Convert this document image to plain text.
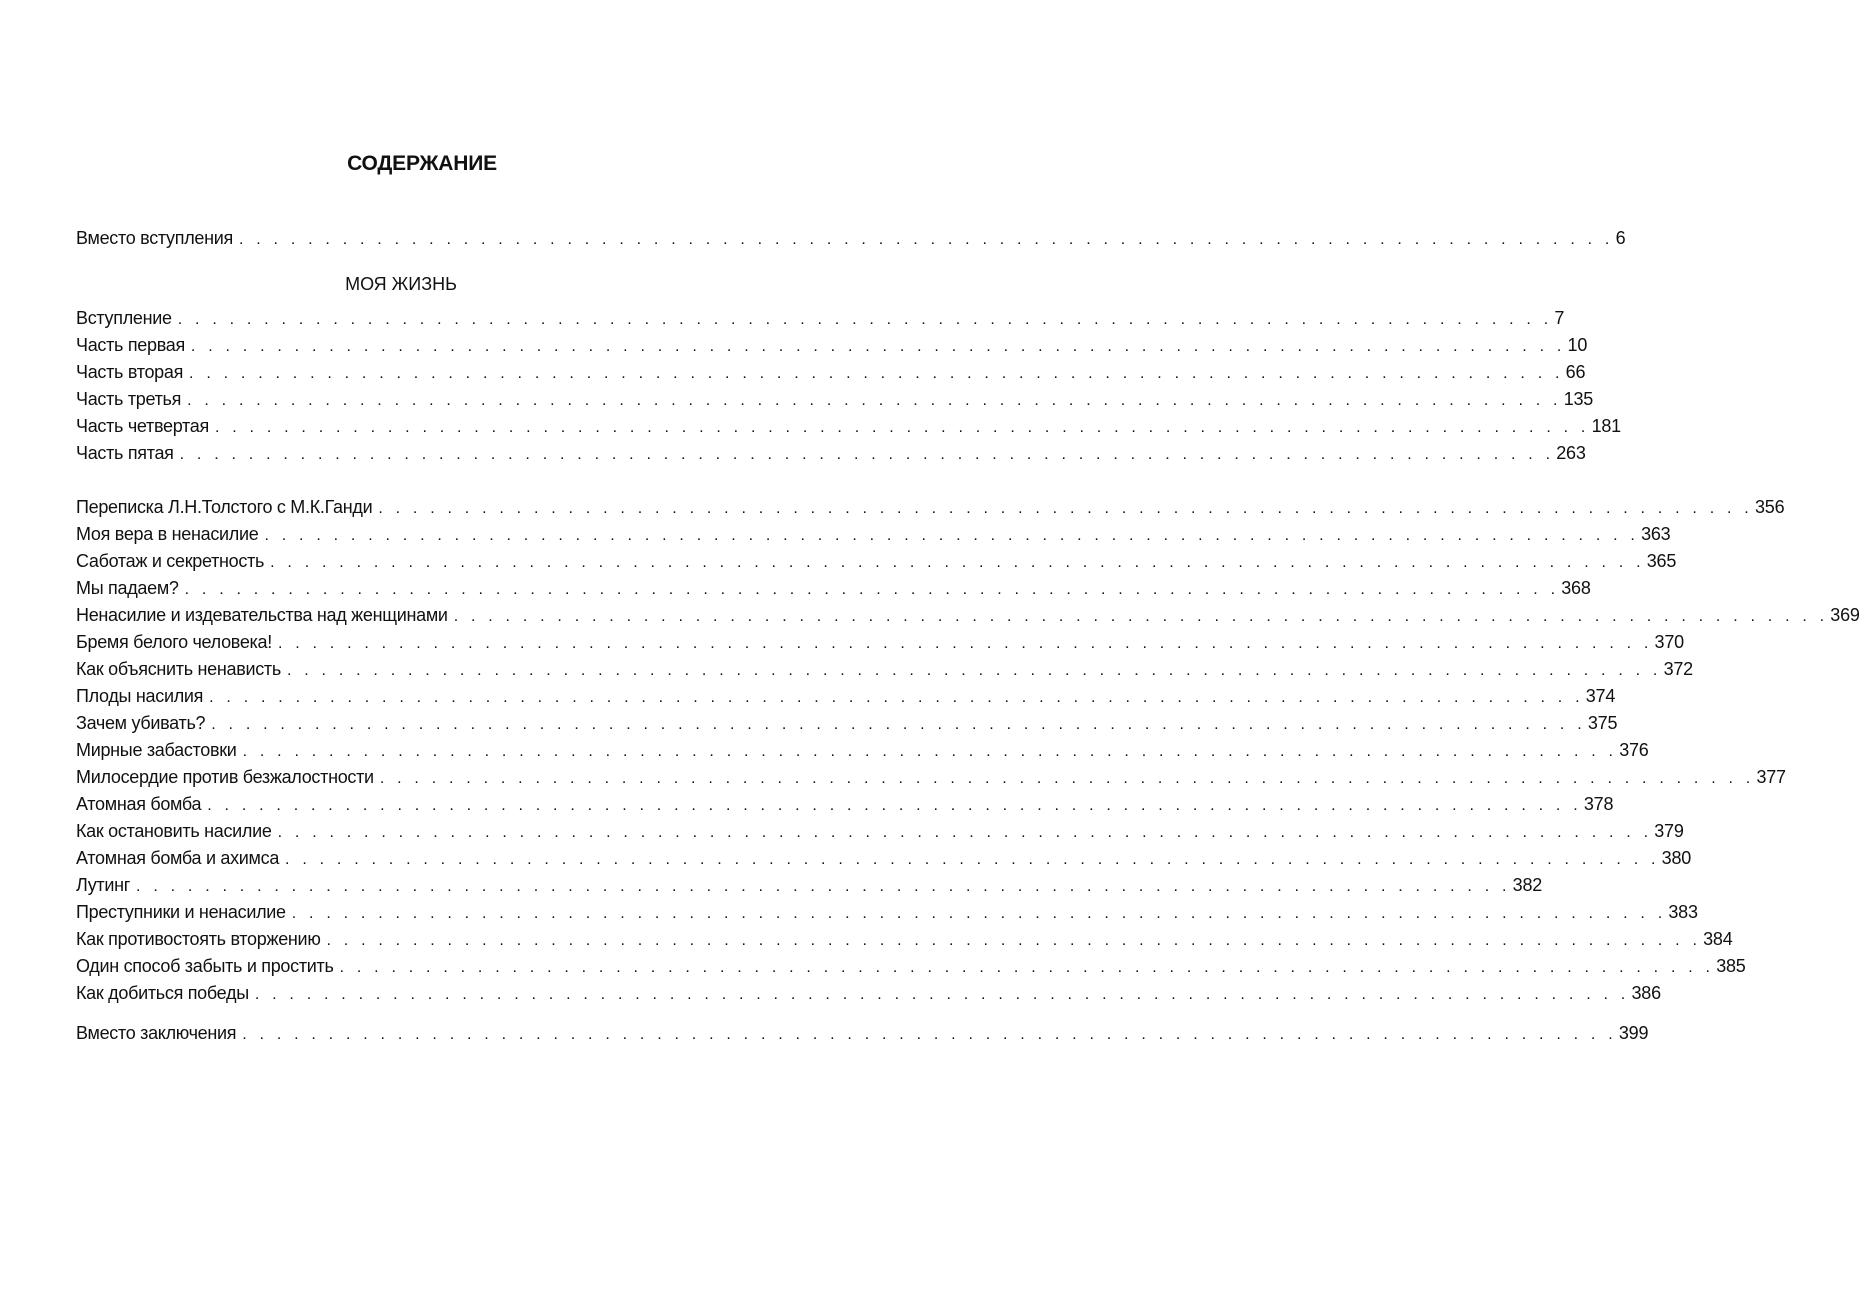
СОДЕРЖАНИЕ
Вместо вступления . . . . . . . . . . . . . . . . . . . . . . . . . . . . . . . . . . . . . . . . . . . . . . . . . . . . . . . . . . . . . . . . . . . . . . . . . . . . . . . . 6
МОЯ ЖИЗНЬ
Вступление . . . . . . . . . . . . . . . . . . . . . . . . . . . . . . . . . . . . . . . . . . . . . . . . . . . . . . . . . . . . . . . . . . . . . . . . . . . . . . . . 7
Часть первая . . . . . . . . . . . . . . . . . . . . . . . . . . . . . . . . . . . . . . . . . . . . . . . . . . . . . . . . . . . . . . . . . . . . . . . . . . . . . . . . 10
Часть вторая . . . . . . . . . . . . . . . . . . . . . . . . . . . . . . . . . . . . . . . . . . . . . . . . . . . . . . . . . . . . . . . . . . . . . . . . . . . . . . . . 66
Часть третья . . . . . . . . . . . . . . . . . . . . . . . . . . . . . . . . . . . . . . . . . . . . . . . . . . . . . . . . . . . . . . . . . . . . . . . . . . . . . . . . 135
Часть четвертая . . . . . . . . . . . . . . . . . . . . . . . . . . . . . . . . . . . . . . . . . . . . . . . . . . . . . . . . . . . . . . . . . . . . . . . . . . . . . . . . 181
Часть пятая . . . . . . . . . . . . . . . . . . . . . . . . . . . . . . . . . . . . . . . . . . . . . . . . . . . . . . . . . . . . . . . . . . . . . . . . . . . . . . . . 263
Переписка Л.Н.Толстого с М.К.Ганди . . . . . . . . . . . . . . . . . . . . . . . . . . . . . . . . . . . . . . . . . . . . . . . . . . . . . . . . . . . . . . . . . . . . . . . . . . . . . . . . 356
Моя вера в ненасилие . . . . . . . . . . . . . . . . . . . . . . . . . . . . . . . . . . . . . . . . . . . . . . . . . . . . . . . . . . . . . . . . . . . . . . . . . . . . . . . . 363
Саботаж и секретность . . . . . . . . . . . . . . . . . . . . . . . . . . . . . . . . . . . . . . . . . . . . . . . . . . . . . . . . . . . . . . . . . . . . . . . . . . . . . . . . 365
Мы падаем? . . . . . . . . . . . . . . . . . . . . . . . . . . . . . . . . . . . . . . . . . . . . . . . . . . . . . . . . . . . . . . . . . . . . . . . . . . . . . . . . 368
Ненасилие и издевательства над женщинами . . . . . . . . . . . . . . . . . . . . . . . . . . . . . . . . . . . . . . . . . . . . . . . . . . . . . . . . . . . . . . . . . . . . . . . . . . . . . . . . 369
Бремя белого человека! . . . . . . . . . . . . . . . . . . . . . . . . . . . . . . . . . . . . . . . . . . . . . . . . . . . . . . . . . . . . . . . . . . . . . . . . . . . . . . . . 370
Как объяснить ненависть . . . . . . . . . . . . . . . . . . . . . . . . . . . . . . . . . . . . . . . . . . . . . . . . . . . . . . . . . . . . . . . . . . . . . . . . . . . . . . . . 372
Плоды насилия . . . . . . . . . . . . . . . . . . . . . . . . . . . . . . . . . . . . . . . . . . . . . . . . . . . . . . . . . . . . . . . . . . . . . . . . . . . . . . . . 374
Зачем убивать? . . . . . . . . . . . . . . . . . . . . . . . . . . . . . . . . . . . . . . . . . . . . . . . . . . . . . . . . . . . . . . . . . . . . . . . . . . . . . . . . 375
Мирные забастовки . . . . . . . . . . . . . . . . . . . . . . . . . . . . . . . . . . . . . . . . . . . . . . . . . . . . . . . . . . . . . . . . . . . . . . . . . . . . . . . . 376
Милосердие против безжалостности . . . . . . . . . . . . . . . . . . . . . . . . . . . . . . . . . . . . . . . . . . . . . . . . . . . . . . . . . . . . . . . . . . . . . . . . . . . . . . . . 377
Атомная бомба . . . . . . . . . . . . . . . . . . . . . . . . . . . . . . . . . . . . . . . . . . . . . . . . . . . . . . . . . . . . . . . . . . . . . . . . . . . . . . . . 378
Как остановить насилие . . . . . . . . . . . . . . . . . . . . . . . . . . . . . . . . . . . . . . . . . . . . . . . . . . . . . . . . . . . . . . . . . . . . . . . . . . . . . . . . 379
Атомная бомба и ахимса . . . . . . . . . . . . . . . . . . . . . . . . . . . . . . . . . . . . . . . . . . . . . . . . . . . . . . . . . . . . . . . . . . . . . . . . . . . . . . . . 380
Лутинг . . . . . . . . . . . . . . . . . . . . . . . . . . . . . . . . . . . . . . . . . . . . . . . . . . . . . . . . . . . . . . . . . . . . . . . . . . . . . . . . 382
Преступники и ненасилие . . . . . . . . . . . . . . . . . . . . . . . . . . . . . . . . . . . . . . . . . . . . . . . . . . . . . . . . . . . . . . . . . . . . . . . . . . . . . . . . 383
Как противостоять вторжению . . . . . . . . . . . . . . . . . . . . . . . . . . . . . . . . . . . . . . . . . . . . . . . . . . . . . . . . . . . . . . . . . . . . . . . . . . . . . . . . 384
Один способ забыть и простить . . . . . . . . . . . . . . . . . . . . . . . . . . . . . . . . . . . . . . . . . . . . . . . . . . . . . . . . . . . . . . . . . . . . . . . . . . . . . . . . 385
Как добиться победы . . . . . . . . . . . . . . . . . . . . . . . . . . . . . . . . . . . . . . . . . . . . . . . . . . . . . . . . . . . . . . . . . . . . . . . . . . . . . . . . 386
Вместо заключения . . . . . . . . . . . . . . . . . . . . . . . . . . . . . . . . . . . . . . . . . . . . . . . . . . . . . . . . . . . . . . . . . . . . . . . . . . . . . . . . 399
